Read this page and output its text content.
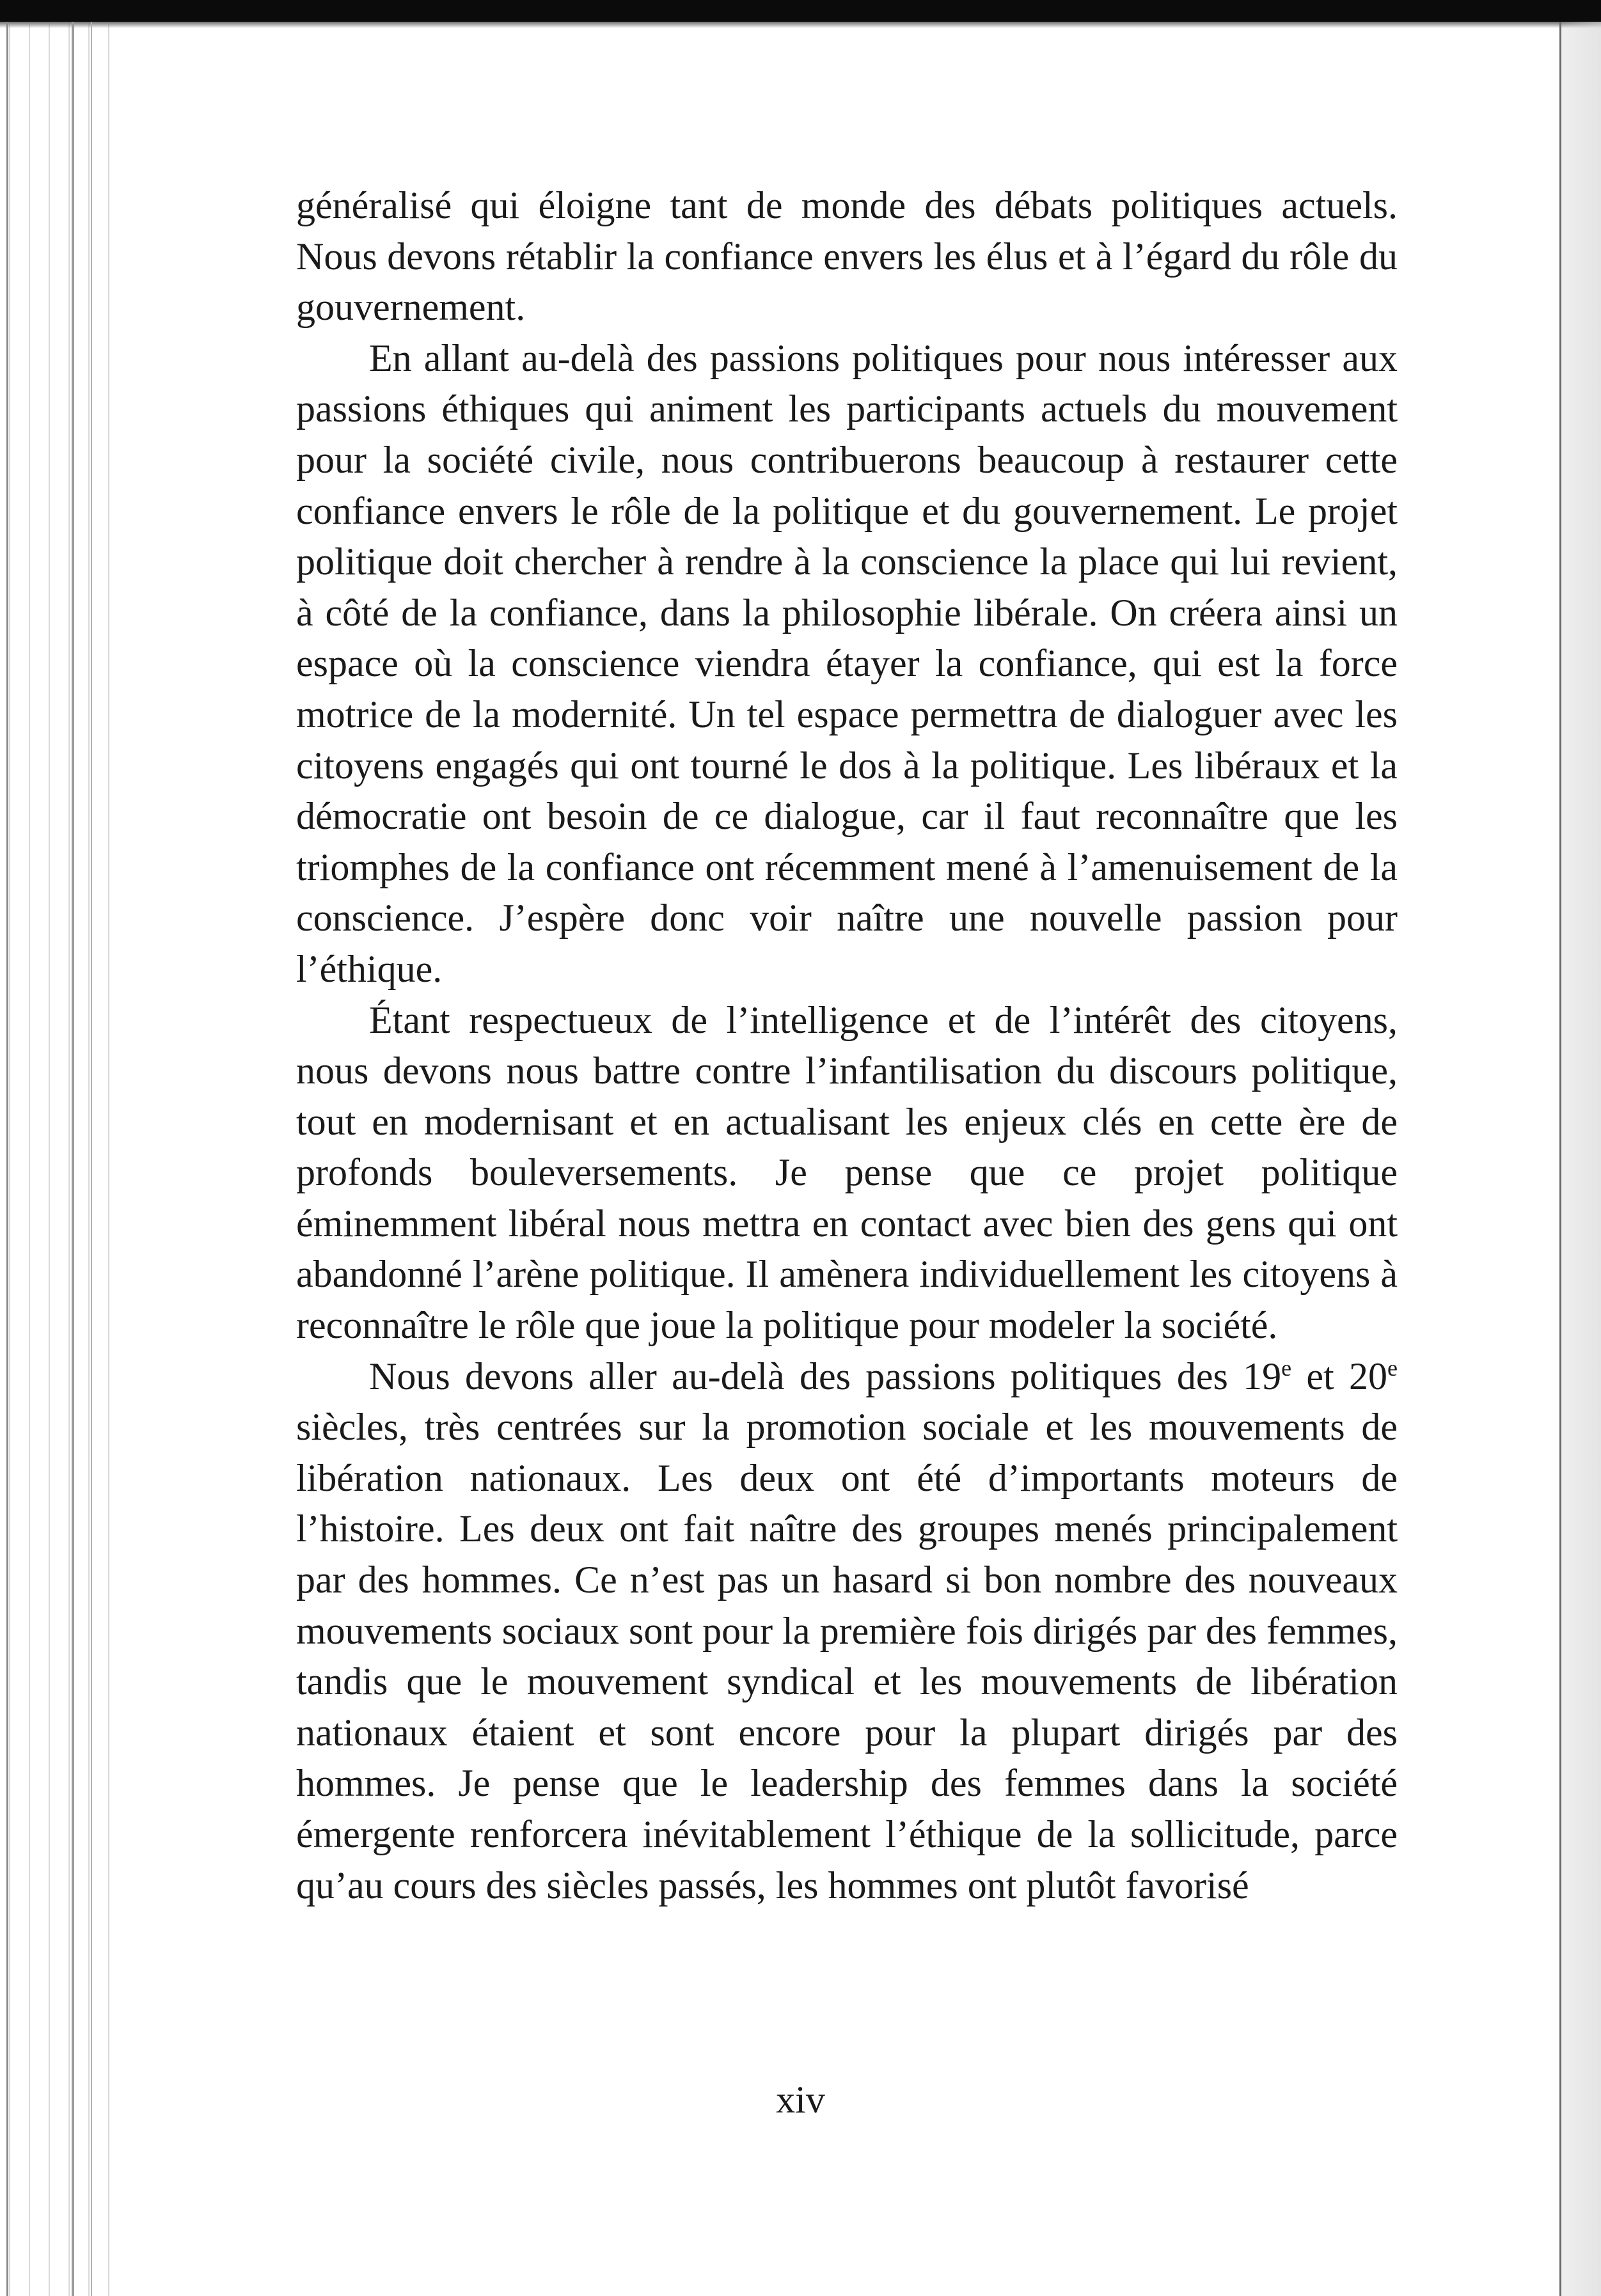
généralisé qui éloigne tant de monde des débats politiques actuels. Nous devons rétablir la confiance envers les élus et à l’égard du rôle du gouvernement.

En allant au-delà des passions politiques pour nous intéresser aux passions éthiques qui animent les participants actuels du mouvement pour la société civile, nous contribuerons beaucoup à restaurer cette confiance envers le rôle de la politique et du gouvernement. Le projet politique doit chercher à rendre à la conscience la place qui lui revient, à côté de la confiance, dans la philosophie libérale. On créera ainsi un espace où la conscience viendra étayer la confiance, qui est la force motrice de la modernité. Un tel espace permettra de dialoguer avec les citoyens engagés qui ont tourné le dos à la politique. Les libéraux et la démocratie ont besoin de ce dialogue, car il faut reconnaître que les triomphes de la confiance ont récemment mené à l’amenuisement de la conscience. J’espère donc voir naître une nouvelle passion pour l’éthique.

Étant respectueux de l’intelligence et de l’intérêt des citoyens, nous devons nous battre contre l’infantilisation du discours politique, tout en modernisant et en actualisant les enjeux clés en cette ère de profonds bouleversements. Je pense que ce projet politique éminemment libéral nous mettra en contact avec bien des gens qui ont abandonné l’arène politique. Il amènera individuellement les citoyens à reconnaître le rôle que joue la politique pour modeler la société.

Nous devons aller au-delà des passions politiques des 19e et 20e siècles, très centrées sur la promotion sociale et les mouvements de libération nationaux. Les deux ont été d’importants moteurs de l’histoire. Les deux ont fait naître des groupes menés principalement par des hommes. Ce n’est pas un hasard si bon nombre des nouveaux mouvements sociaux sont pour la première fois dirigés par des femmes, tandis que le mouvement syndical et les mouvements de libération nationaux étaient et sont encore pour la plupart dirigés par des hommes. Je pense que le leadership des femmes dans la société émergente renforcera inévitablement l’éthique de la sollicitude, parce qu’au cours des siècles passés, les hommes ont plutôt favorisé

xiv
